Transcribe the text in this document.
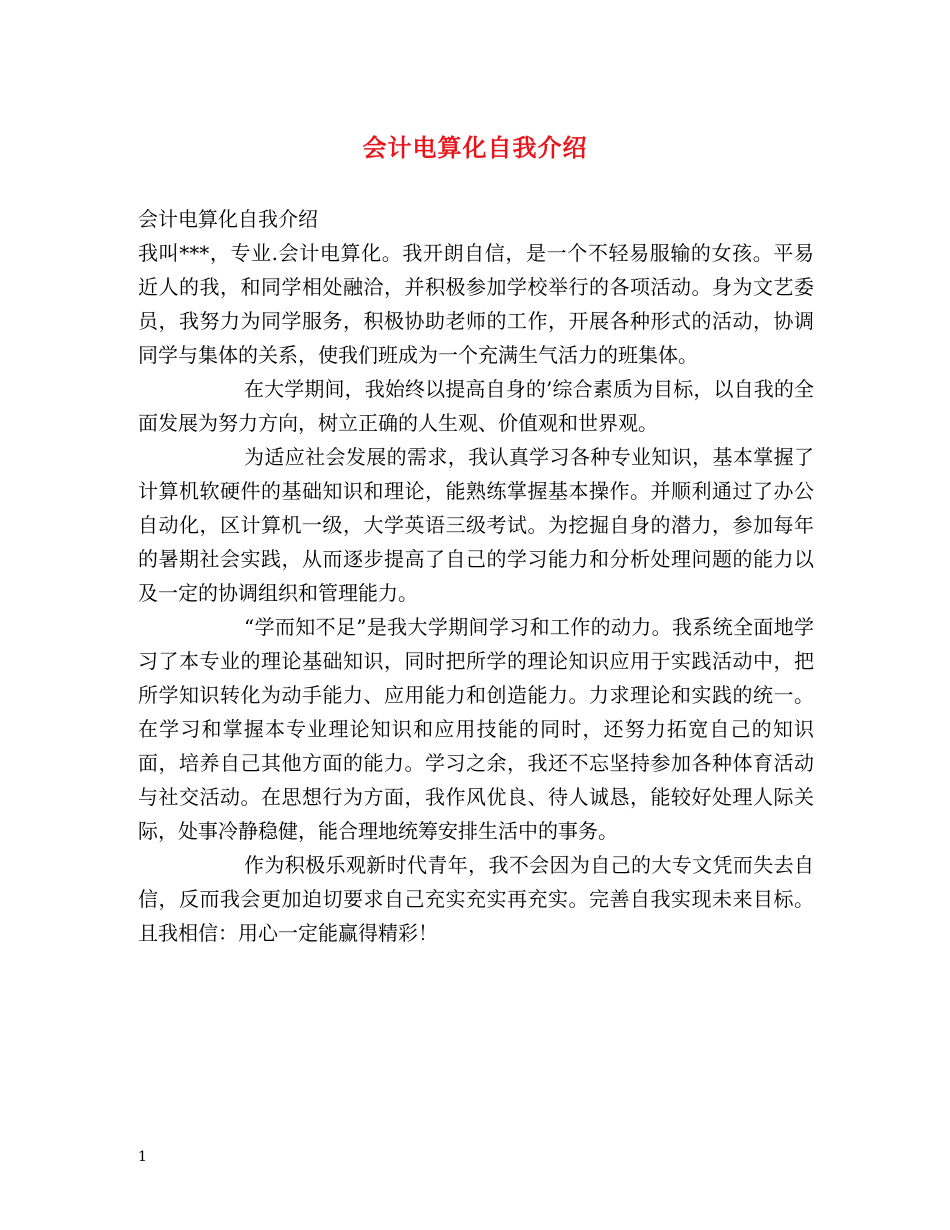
会计电算化自我介绍

会计电算化自我介绍

我叫***，专业.会计电算化。我开朗自信，是一个不轻易服输的女孩。平易近人的我，和同学相处融洽，并积极参加学校举行的各项活动。身为文艺委员，我努力为同学服务，积极协助老师的工作，开展各种形式的活动，协调同学与集体的关系，使我们班成为一个充满生气活力的班集体。

在大学期间，我始终以提高自身的’综合素质为目标，以自我的全面发展为努力方向，树立正确的人生观、价值观和世界观。

为适应社会发展的需求，我认真学习各种专业知识，基本掌握了计算机软硬件的基础知识和理论，能熟练掌握基本操作。并顺利通过了办公自动化，区计算机一级，大学英语三级考试。为挖掘自身的潜力，参加每年的暑期社会实践，从而逐步提高了自己的学习能力和分析处理问题的能力以及一定的协调组织和管理能力。

“学而知不足”是我大学期间学习和工作的动力。我系统全面地学习了本专业的理论基础知识，同时把所学的理论知识应用于实践活动中，把所学知识转化为动手能力、应用能力和创造能力。力求理论和实践的统一。在学习和掌握本专业理论知识和应用技能的同时，还努力拓宽自己的知识面，培养自己其他方面的能力。学习之余，我还不忘坚持参加各种体育活动与社交活动。在思想行为方面，我作风优良、待人诚恳，能较好处理人际关际，处事冷静稳健，能合理地统筹安排生活中的事务。

作为积极乐观新时代青年，我不会因为自己的大专文凭而失去自信，反而我会更加迫切要求自己充实充实再充实。完善自我实现未来目标。且我相信：用心一定能赢得精彩！

1
